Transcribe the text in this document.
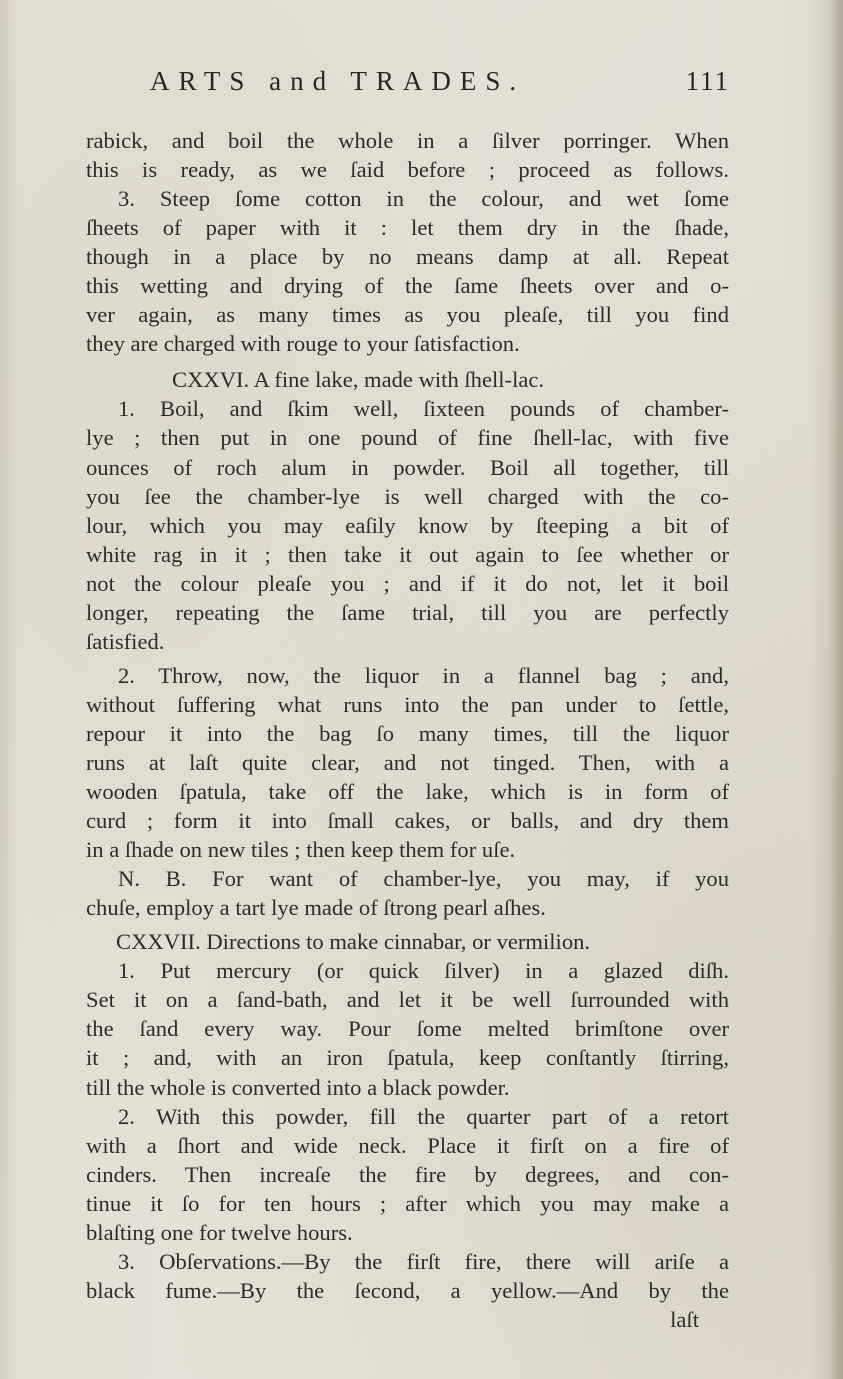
ARTS and TRADES.	111
rabick, and boil the whole in a ſilver porringer. When
this is ready, as we ſaid before ; proceed as follows.
3. Steep ſome cotton in the colour, and wet ſome
ſheets of paper with it : let them dry in the ſhade,
though in a place by no means damp at all. Repeat
this wetting and drying of the ſame ſheets over and o-
ver again, as many times as you pleaſe, till you find
they are charged with rouge to your ſatisfaction.
CXXVI. A fine lake, made with ſhell-lac.
1. Boil, and ſkim well, ſixteen pounds of chamber-
lye ; then put in one pound of fine ſhell-lac, with five
ounces of roch alum in powder. Boil all together, till
you ſee the chamber-lye is well charged with the co-
lour, which you may eaſily know by ſteeping a bit of
white rag in it ; then take it out again to ſee whether or
not the colour pleaſe you ; and if it do not, let it boil
longer, repeating the ſame trial, till you are perfectly
ſatisfied.
2. Throw, now, the liquor in a flannel bag ; and,
without ſuffering what runs into the pan under to ſettle,
repour it into the bag ſo many times, till the liquor
runs at laſt quite clear, and not tinged. Then, with a
wooden ſpatula, take off the lake, which is in form of
curd ; form it into ſmall cakes, or balls, and dry them
in a ſhade on new tiles ; then keep them for uſe.
N. B. For want of chamber-lye, you may, if you
chuſe, employ a tart lye made of ſtrong pearl aſhes.
CXXVII. Directions to make cinnabar, or vermilion.
1. Put mercury (or quick ſilver) in a glazed diſh.
Set it on a ſand-bath, and let it be well ſurrounded with
the ſand every way. Pour ſome melted brimſtone over
it ; and, with an iron ſpatula, keep conſtantly ſtirring,
till the whole is converted into a black powder.
2. With this powder, fill the quarter part of a retort
with a ſhort and wide neck. Place it firſt on a fire of
cinders. Then increaſe the fire by degrees, and con-
tinue it ſo for ten hours ; after which you may make a
blaſting one for twelve hours.
3. Obſervations.—By the firſt fire, there will ariſe a
black fume.—By the ſecond, a yellow.—And by the
laſt
